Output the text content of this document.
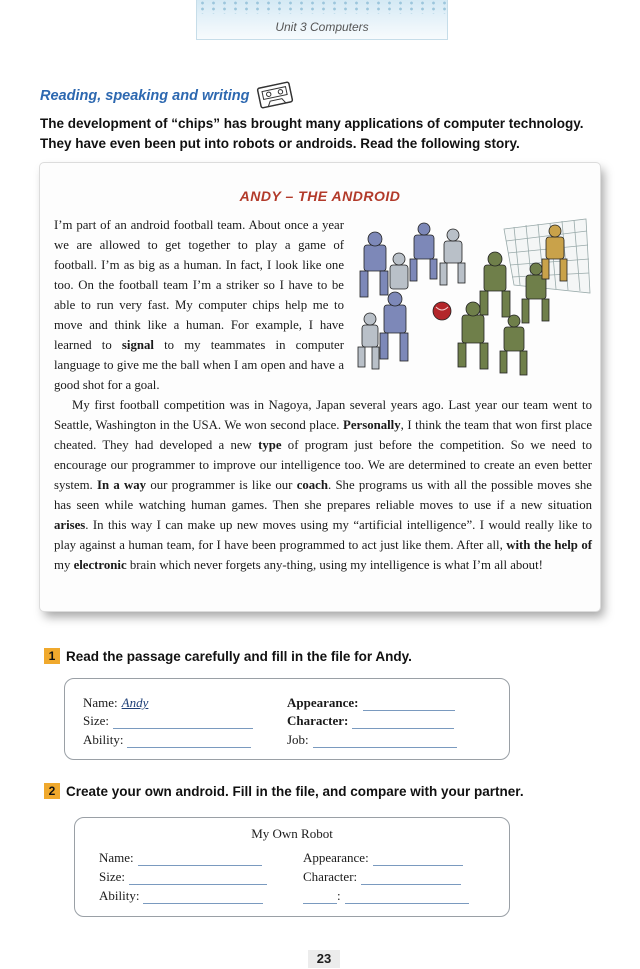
Unit 3 Computers
Reading, speaking and writing

The development of “chips” has brought many applications of computer technology.

They have even been put into robots or androids. Read the following story.

ANDY – THE ANDROID

I’m part of an android football team. About once a year we are allowed to get together to play a game of football. I’m as big as a human. In fact, I look like one too. On the football team I’m a striker so I have to be able to run very fast. My computer chips help me to move and think like a human. For example, I have learned to signal to my teammates in computer language to give me the ball when I am open and have a good shot for a goal.

My first football competition was in Nagoya, Japan several years ago. Last year our team went to Seattle, Washington in the USA. We won second place. Personally, I think the team that won first place cheated. They had developed a new type of program just before the competition. So we need to encourage our programmer to improve our intelligence too. We are determined to create an even better system. In a way our programmer is like our coach. She programs us with all the possible moves she has seen while watching human games. Then she prepares reliable moves to use if a new situation arises. In this way I can make up new moves using my “artificial intelligence”. I would really like to play against a human team, for I have been programmed to act just like them. After all, with the help of my electronic brain which never forgets any-thing, using my intelligence is what I’m all about!

1 Read the passage carefully and fill in the file for Andy.
Name: Andy
Size:
Ability:
Appearance:
Character:
Job:
2 Create your own android. Fill in the file, and compare with your partner.
My Own Robot
Name:
Size:
Ability:
Appearance:
Character:
:
23
